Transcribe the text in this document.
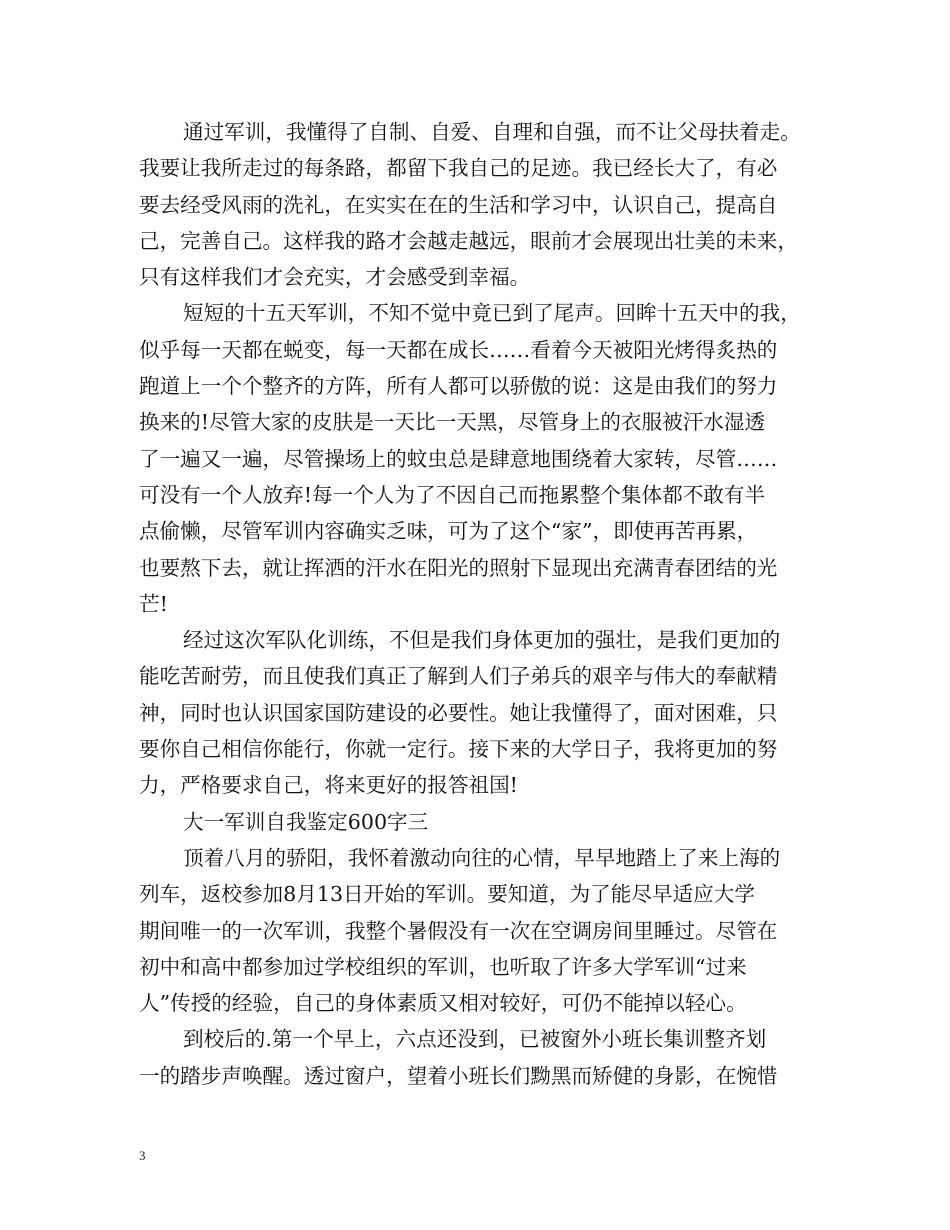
通过军训，我懂得了自制、自爱、自理和自强，而不让父母扶着走。
我要让我所走过的每条路，都留下我自己的足迹。我已经长大了，有必
要去经受风雨的洗礼，在实实在在的生活和学习中，认识自己，提高自
己，完善自己。这样我的路才会越走越远，眼前才会展现出壮美的未来，
只有这样我们才会充实，才会感受到幸福。
短短的十五天军训，不知不觉中竟已到了尾声。回眸十五天中的我，
似乎每一天都在蜕变，每一天都在成长……看着今天被阳光烤得炙热的
跑道上一个个整齐的方阵，所有人都可以骄傲的说：这是由我们的努力
换来的!尽管大家的皮肤是一天比一天黑，尽管身上的衣服被汗水湿透
了一遍又一遍，尽管操场上的蚊虫总是肆意地围绕着大家转，尽管……
可没有一个人放弃!每一个人为了不因自己而拖累整个集体都不敢有半
点偷懒，尽管军训内容确实乏味，可为了这个“家”，即使再苦再累，
也要熬下去，就让挥洒的汗水在阳光的照射下显现出充满青春团结的光
芒!
经过这次军队化训练，不但是我们身体更加的强壮，是我们更加的
能吃苦耐劳，而且使我们真正了解到人们子弟兵的艰辛与伟大的奉献精
神，同时也认识国家国防建设的必要性。她让我懂得了，面对困难，只
要你自己相信你能行，你就一定行。接下来的大学日子，我将更加的努
力，严格要求自己，将来更好的报答祖国!
大一军训自我鉴定600字三
顶着八月的骄阳，我怀着激动向往的心情，早早地踏上了来上海的
列车，返校参加8月13日开始的军训。要知道，为了能尽早适应大学
期间唯一的一次军训，我整个暑假没有一次在空调房间里睡过。尽管在
初中和高中都参加过学校组织的军训，也听取了许多大学军训“过来
人”传授的经验，自己的身体素质又相对较好，可仍不能掉以轻心。
到校后的.第一个早上，六点还没到，已被窗外小班长集训整齐划
一的踏步声唤醒。透过窗户，望着小班长们黝黑而矫健的身影，在惋惜
3
